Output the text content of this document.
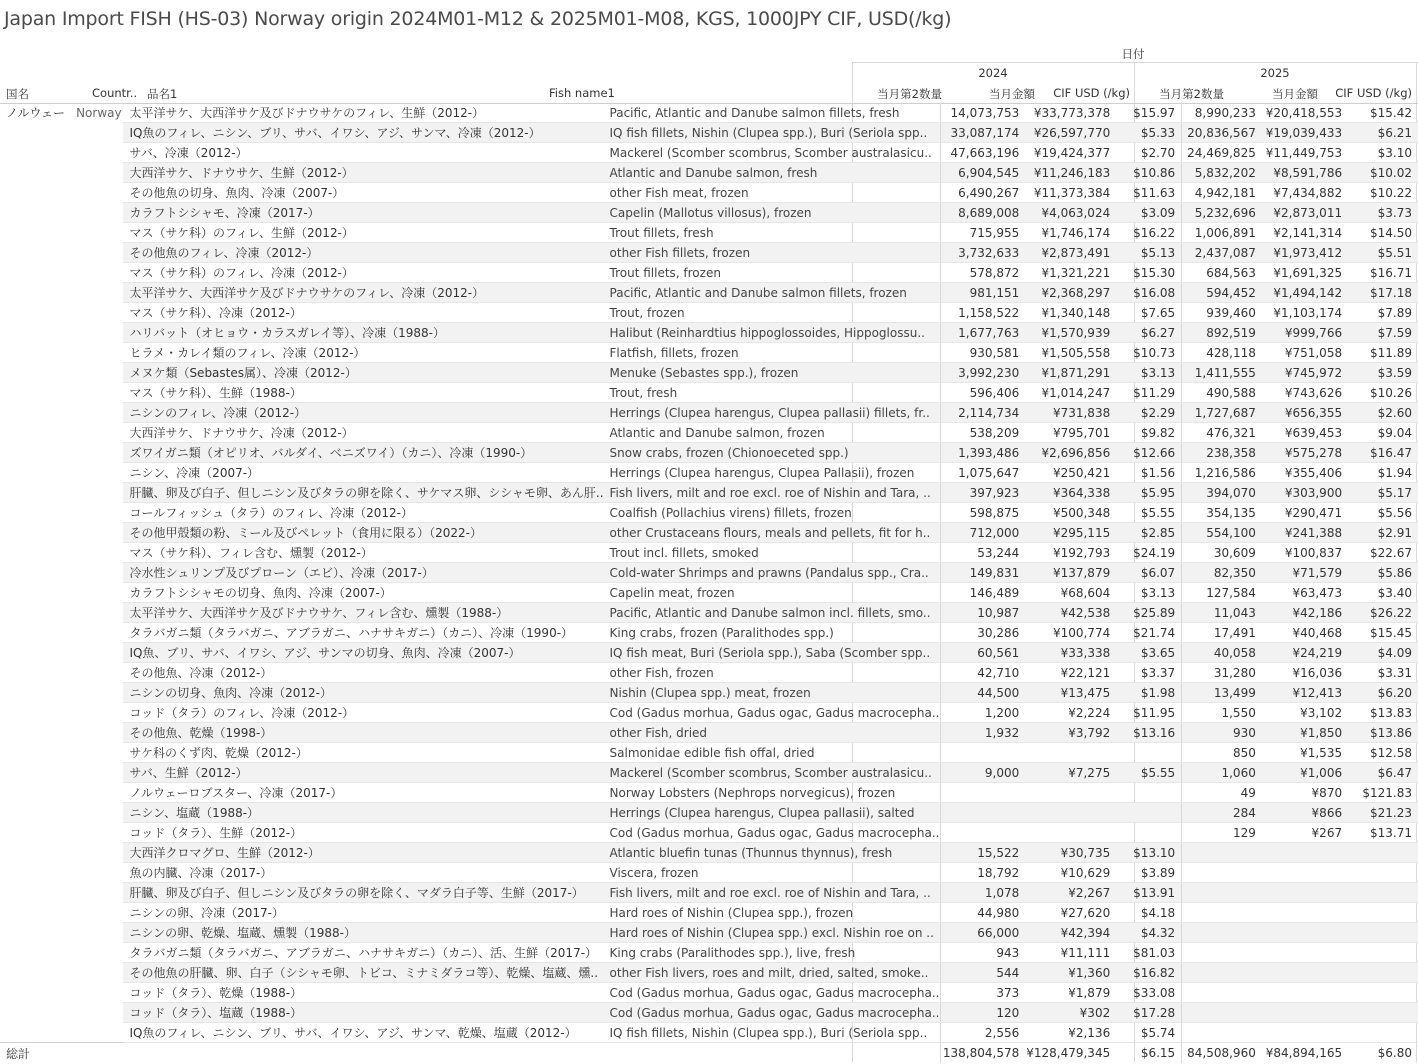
Japan Import FISH (HS-03) Norway origin 2024M01-M12 & 2025M01-M08, KGS, 1000JPY CIF, USD(/kg)
日付
2024	2025
国名	Countr.. 品名1	Fish name1	当月第2数量	当月金額	CIF USD (/kg)	当月第2数量	当月金額	CIF USD (/kg)
ノルウェー	Norway	太平洋サケ、大西洋サケ及びドナウサケのフィレ、生鮮（2012-）	Pacific, Atlantic and Danube salmon fillets, fresh	14,073,753	¥33,773,378	$15.97	8,990,233	¥20,418,553	$15.42
		IQ魚のフィレ、ニシン、ブリ、サバ、イワシ、アジ、サンマ、冷凍（2012-）	IQ fish fillets, Nishin (Clupea spp.), Buri (Seriola spp..	33,087,174	¥26,597,770	$5.33	20,836,567	¥19,039,433	$6.21
		サバ、冷凍（2012-）	Mackerel (Scomber scombrus, Scomber australasicu..	47,663,196	¥19,424,377	$2.70	24,469,825	¥11,449,753	$3.10
		大西洋サケ、ドナウサケ、生鮮（2012-）	Atlantic and Danube salmon, fresh	6,904,545	¥11,246,183	$10.86	5,832,202	¥8,591,786	$10.02
		その他魚の切身、魚肉、冷凍（2007-）	other Fish meat, frozen	6,490,267	¥11,373,384	$11.63	4,942,181	¥7,434,882	$10.22
		カラフトシシャモ、冷凍（2017-）	Capelin (Mallotus villosus), frozen	8,689,008	¥4,063,024	$3.09	5,232,696	¥2,873,011	$3.73
		マス（サケ科）のフィレ、生鮮（2012-）	Trout fillets, fresh	715,955	¥1,746,174	$16.22	1,006,891	¥2,141,314	$14.50
		その他魚のフィレ、冷凍（2012-）	other Fish fillets, frozen	3,732,633	¥2,873,491	$5.13	2,437,087	¥1,973,412	$5.51
		マス（サケ科）のフィレ、冷凍（2012-）	Trout fillets, frozen	578,872	¥1,321,221	$15.30	684,563	¥1,691,325	$16.71
		太平洋サケ、大西洋サケ及びドナウサケのフィレ、冷凍（2012-）	Pacific, Atlantic and Danube salmon fillets, frozen	981,151	¥2,368,297	$16.08	594,452	¥1,494,142	$17.18
		マス（サケ科）、冷凍（2012-）	Trout, frozen	1,158,522	¥1,340,148	$7.65	939,460	¥1,103,174	$7.89
		ハリバット（オヒョウ・カラスガレイ等）、冷凍（1988-）	Halibut (Reinhardtius hippoglossoides, Hippoglossu..	1,677,763	¥1,570,939	$6.27	892,519	¥999,766	$7.59
		ヒラメ・カレイ類のフィレ、冷凍（2012-）	Flatfish, fillets, frozen	930,581	¥1,505,558	$10.73	428,118	¥751,058	$11.89
		メヌケ類（Sebastes属）、冷凍（2012-）	Menuke (Sebastes spp.), frozen	3,992,230	¥1,871,291	$3.13	1,411,555	¥745,972	$3.59
		マス（サケ科）、生鮮（1988-）	Trout, fresh	596,406	¥1,014,247	$11.29	490,588	¥743,626	$10.26
		ニシンのフィレ、冷凍（2012-）	Herrings (Clupea harengus, Clupea pallasii) fillets, fr..	2,114,734	¥731,838	$2.29	1,727,687	¥656,355	$2.60
		大西洋サケ、ドナウサケ、冷凍（2012-）	Atlantic and Danube salmon, frozen	538,209	¥795,701	$9.82	476,321	¥639,453	$9.04
		ズワイガニ類（オピリオ、バルダイ、ベニズワイ）（カニ）、冷凍（1990-）	Snow crabs, frozen (Chionoeceted spp.)	1,393,486	¥2,696,856	$12.66	238,358	¥575,278	$16.47
		ニシン、冷凍（2007-）	Herrings (Clupea harengus, Clupea Pallasii), frozen	1,075,647	¥250,421	$1.56	1,216,586	¥355,406	$1.94
		肝臓、卵及び白子、但しニシン及びタラの卵を除く、サケマス卵、シシャモ卵、あん肝..	Fish livers, milt and roe excl. roe of Nishin and Tara, ..	397,923	¥364,338	$5.95	394,070	¥303,900	$5.17
		コールフィッシュ（タラ）のフィレ、冷凍（2012-）	Coalfish (Pollachius virens) fillets, frozen	598,875	¥500,348	$5.55	354,135	¥290,471	$5.56
		その他甲殻類の粉、ミール及びペレット（食用に限る）（2022-）	other Crustaceans flours, meals and pellets, fit for h..	712,000	¥295,115	$2.85	554,100	¥241,388	$2.91
		マス（サケ科）、フィレ含む、燻製（2012-）	Trout incl. fillets, smoked	53,244	¥192,793	$24.19	30,609	¥100,837	$22.67
		冷水性シュリンプ及びプローン（エビ）、冷凍（2017-）	Cold-water Shrimps and prawns (Pandalus spp., Cra..	149,831	¥137,879	$6.07	82,350	¥71,579	$5.86
		カラフトシシャモの切身、魚肉、冷凍（2007-）	Capelin meat, frozen	146,489	¥68,604	$3.13	127,584	¥63,473	$3.40
		太平洋サケ、大西洋サケ及びドナウサケ、フィレ含む、燻製（1988-）	Pacific, Atlantic and Danube salmon incl. fillets, smo..	10,987	¥42,538	$25.89	11,043	¥42,186	$26.22
		タラバガニ類（タラバガニ、アブラガニ、ハナサキガニ）（カニ）、冷凍（1990-）	King crabs, frozen (Paralithodes spp.)	30,286	¥100,774	$21.74	17,491	¥40,468	$15.45
		IQ魚、ブリ、サバ、イワシ、アジ、サンマの切身、魚肉、冷凍（2007-）	IQ fish meat, Buri (Seriola spp.), Saba (Scomber spp..	60,561	¥33,338	$3.65	40,058	¥24,219	$4.09
		その他魚、冷凍（2012-）	other Fish, frozen	42,710	¥22,121	$3.37	31,280	¥16,036	$3.31
		ニシンの切身、魚肉、冷凍（2012-）	Nishin (Clupea spp.) meat, frozen	44,500	¥13,475	$1.98	13,499	¥12,413	$6.20
		コッド（タラ）のフィレ、冷凍（2012-）	Cod (Gadus morhua, Gadus ogac, Gadus macrocepha..	1,200	¥2,224	$11.95	1,550	¥3,102	$13.83
		その他魚、乾燥（1998-）	other Fish, dried	1,932	¥3,792	$13.16	930	¥1,850	$13.86
		サケ科のくず肉、乾燥（2012-）	Salmonidae edible fish offal, dried				850	¥1,535	$12.58
		サバ、生鮮（2012-）	Mackerel (Scomber scombrus, Scomber australasicu..	9,000	¥7,275	$5.55	1,060	¥1,006	$6.47
		ノルウェーロブスター、冷凍（2017-）	Norway Lobsters (Nephrops norvegicus), frozen				49	¥870	$121.83
		ニシン、塩蔵（1988-）	Herrings (Clupea harengus, Clupea pallasii), salted				284	¥866	$21.23
		コッド（タラ）、生鮮（2012-）	Cod (Gadus morhua, Gadus ogac, Gadus macrocepha..				129	¥267	$13.71
		大西洋クロマグロ、生鮮（2012-）	Atlantic bluefin tunas (Thunnus thynnus), fresh	15,522	¥30,735	$13.10			
		魚の内臓、冷凍（2017-）	Viscera, frozen	18,792	¥10,629	$3.89			
		肝臓、卵及び白子、但しニシン及びタラの卵を除く、マダラ白子等、生鮮（2017-）	Fish livers, milt and roe excl. roe of Nishin and Tara, ..	1,078	¥2,267	$13.91			
		ニシンの卵、冷凍（2017-）	Hard roes of Nishin (Clupea spp.), frozen	44,980	¥27,620	$4.18			
		ニシンの卵、乾燥、塩蔵、燻製（1988-）	Hard roes of Nishin (Clupea spp.) excl. Nishin roe on ..	66,000	¥42,394	$4.32			
		タラバガニ類（タラバガニ、アブラガニ、ハナサキガニ）（カニ）、活、生鮮（2017-）	King crabs (Paralithodes spp.), live, fresh	943	¥11,111	$81.03			
		その他魚の肝臓、卵、白子（シシャモ卵、トビコ、ミナミダラコ等）、乾燥、塩蔵、燻..	other Fish livers, roes and milt, dried, salted, smoke..	544	¥1,360	$16.82			
		コッド（タラ）、乾燥（1988-）	Cod (Gadus morhua, Gadus ogac, Gadus macrocepha..	373	¥1,879	$33.08			
		コッド（タラ）、塩蔵（1988-）	Cod (Gadus morhua, Gadus ogac, Gadus macrocepha..	120	¥302	$17.28			
		IQ魚のフィレ、ニシン、ブリ、サバ、イワシ、アジ、サンマ、乾燥、塩蔵（2012-）	IQ fish fillets, Nishin (Clupea spp.), Buri (Seriola spp..	2,556	¥2,136	$5.74			
総計				138,804,578	¥128,479,345	$6.15	84,508,960	¥84,894,165	$6.80
